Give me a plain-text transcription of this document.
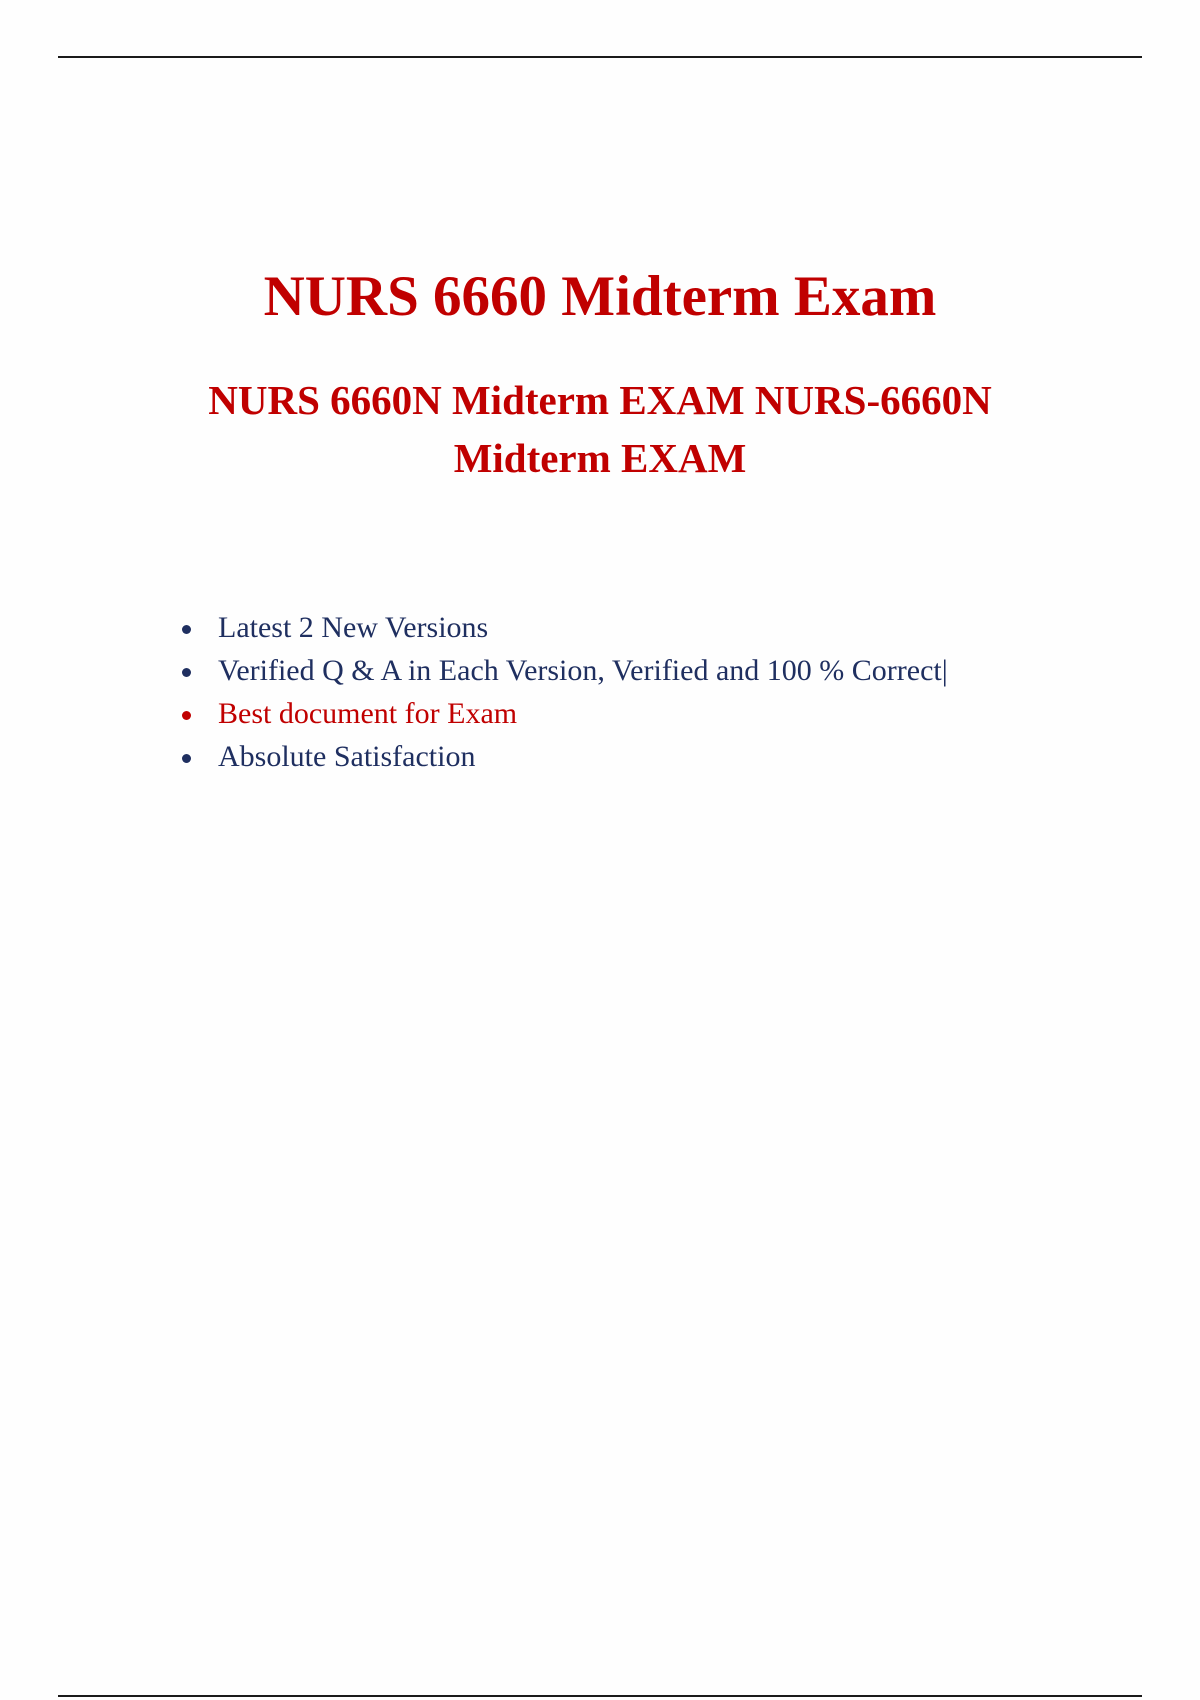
NURS 6660 Midterm Exam
NURS 6660N Midterm EXAM NURS-6660N Midterm EXAM
Latest 2 New Versions
Verified Q & A in Each Version, Verified and 100 % Correct|
Best document for Exam
Absolute Satisfaction
